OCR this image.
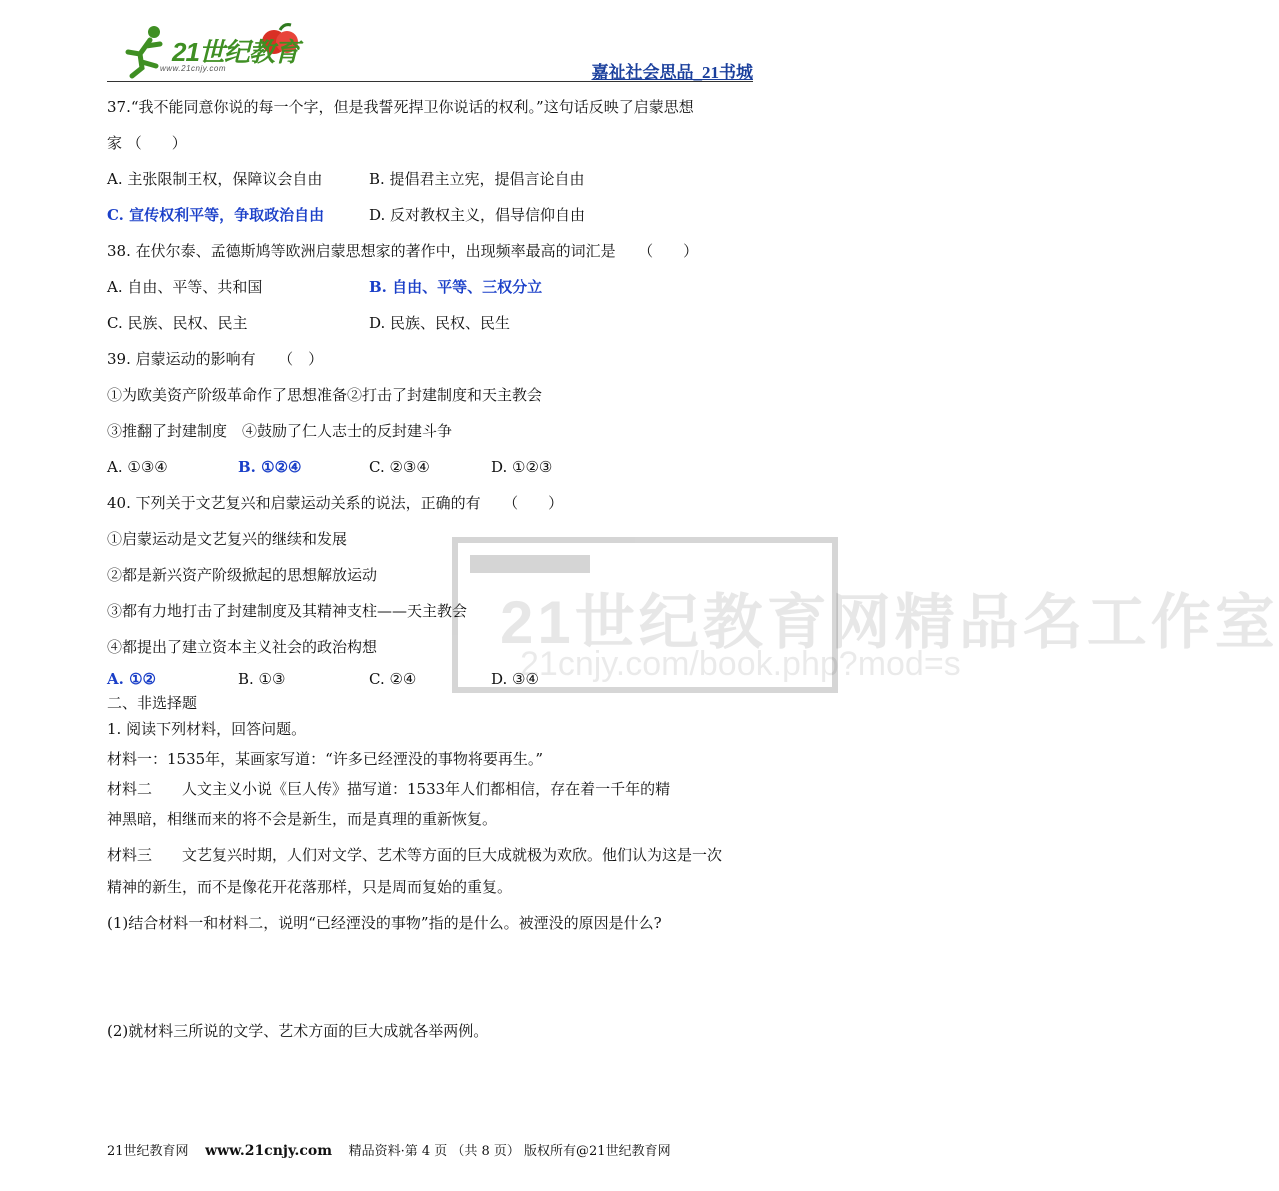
21世纪教育
www.21cnjy.com	嘉祉社会思品_21书城
21世纪教育网精品名工作室
21cnjy.com/book.php?mod=s
37.“我不能同意你说的每一个字，但是我誓死捍卫你说话的权利。”这句话反映了启蒙思想
家 （　　）
A. 主张限制王权，保障议会自由	B. 提倡君主立宪，提倡言论自由
C. 宣传权利平等，争取政治自由	D. 反对教权主义，倡导信仰自由
38. 在伏尔泰、孟德斯鸠等欧洲启蒙思想家的著作中，出现频率最高的词汇是　　（　　）
A. 自由、平等、共和国	B. 自由、平等、三权分立
C. 民族、民权、民主	D. 民族、民权、民生
39. 启蒙运动的影响有　　（　）
①为欧美资产阶级革命作了思想准备②打击了封建制度和天主教会
③推翻了封建制度　④鼓励了仁人志士的反封建斗争
A. ①③④	B. ①②④	C. ②③④	D. ①②③
40. 下列关于文艺复兴和启蒙运动关系的说法，正确的有　　（　　）
①启蒙运动是文艺复兴的继续和发展
②都是新兴资产阶级掀起的思想解放运动
③都有力地打击了封建制度及其精神支柱——天主教会
④都提出了建立资本主义社会的政治构想
A. ①②	B. ①③	C. ②④	D. ③④
二、非选择题
1. 阅读下列材料，回答问题。
材料一：1535年，某画家写道：“许多已经湮没的事物将要再生。”
材料二　　人文主义小说《巨人传》描写道：1533年人们都相信，存在着一千年的精
神黑暗，相继而来的将不会是新生，而是真理的重新恢复。
材料三　　文艺复兴时期，人们对文学、艺术等方面的巨大成就极为欢欣。他们认为这是一次
精神的新生，而不是像花开花落那样，只是周而复始的重复。
(1)结合材料一和材料二，说明“已经湮没的事物”指的是什么。被湮没的原因是什么?
(2)就材料三所说的文学、艺术方面的巨大成就各举两例。
21世纪教育网 www.21cnjy.com 精品资料·第 4 页 （共 8 页） 版权所有@21世纪教育网
